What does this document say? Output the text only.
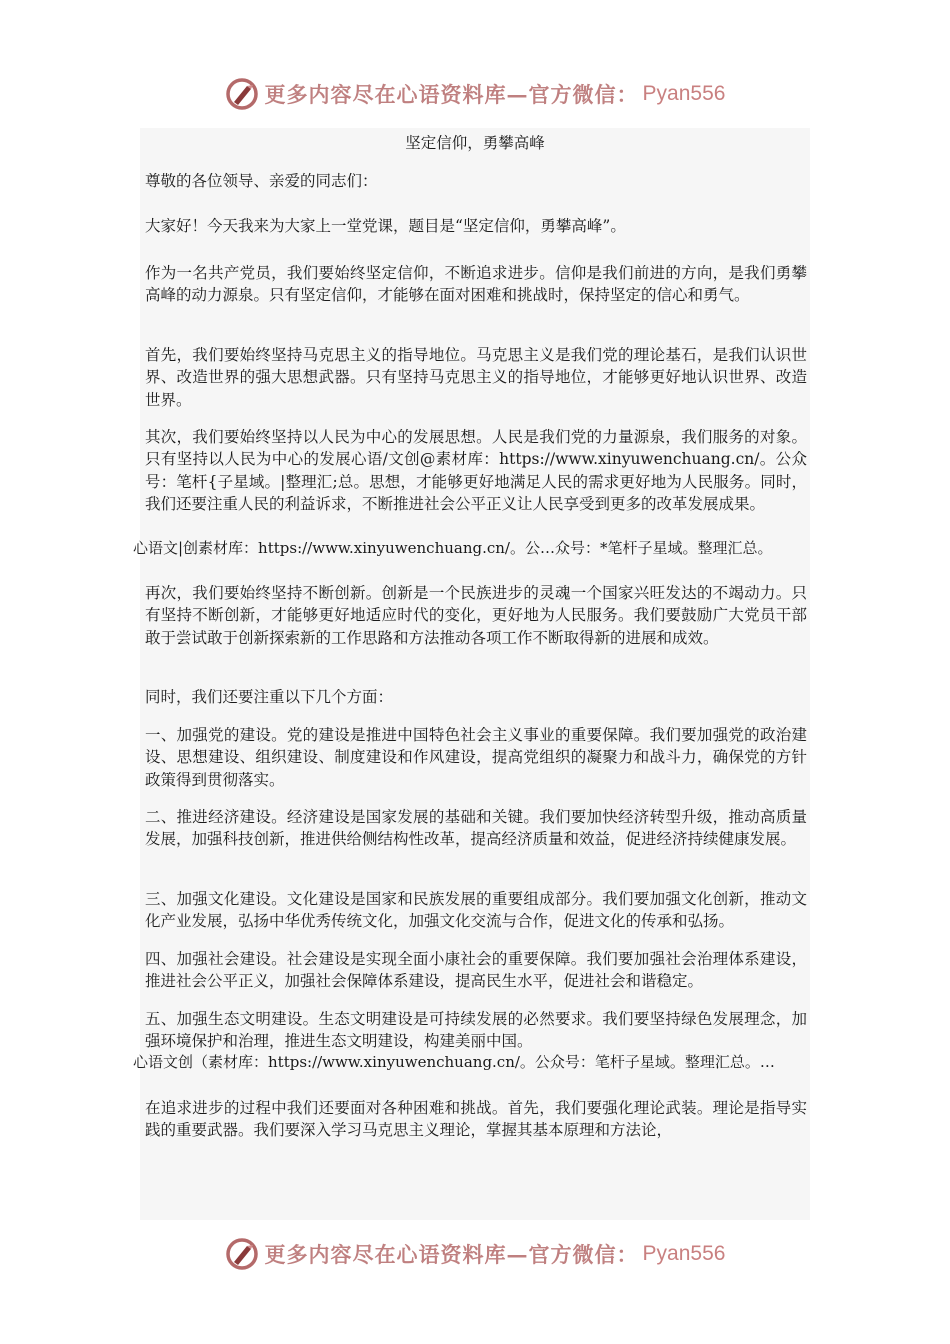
更多内容尽在心语资料库—官方微信： Pyan556
坚定信仰，勇攀高峰
尊敬的各位领导、亲爱的同志们：
大家好！今天我来为大家上一堂党课，题目是“坚定信仰，勇攀高峰”。
作为一名共产党员，我们要始终坚定信仰，不断追求进步。信仰是我们前进的方向，是我们勇攀高峰的动力源泉。只有坚定信仰，才能够在面对困难和挑战时，保持坚定的信心和勇气。
首先，我们要始终坚持马克思主义的指导地位。马克思主义是我们党的理论基石，是我们认识世界、改造世界的强大思想武器。只有坚持马克思主义的指导地位，才能够更好地认识世界、改造世界。
其次，我们要始终坚持以人民为中心的发展思想。人民是我们党的力量源泉，我们服务的对象。只有坚持以人民为中心的发展心语/文创@素材库：https://www.xinyuwenchuang.cn/。公众号：笔杆{子星域。|整理汇;总。思想，才能够更好地满足人民的需求更好地为人民服务。同时，我们还要注重人民的利益诉求，不断推进社会公平正义让人民享受到更多的改革发展成果。
心语文|创素材库：https://www.xinyuwenchuang.cn/。公…众号：*笔杆子星域。整理汇总。
再次，我们要始终坚持不断创新。创新是一个民族进步的灵魂一个国家兴旺发达的不竭动力。只有坚持不断创新，才能够更好地适应时代的变化，更好地为人民服务。我们要鼓励广大党员干部敢于尝试敢于创新探索新的工作思路和方法推动各项工作不断取得新的进展和成效。
同时，我们还要注重以下几个方面：
一、加强党的建设。党的建设是推进中国特色社会主义事业的重要保障。我们要加强党的政治建设、思想建设、组织建设、制度建设和作风建设，提高党组织的凝聚力和战斗力，确保党的方针政策得到贯彻落实。
二、推进经济建设。经济建设是国家发展的基础和关键。我们要加快经济转型升级，推动高质量发展，加强科技创新，推进供给侧结构性改革，提高经济质量和效益，促进经济持续健康发展。
三、加强文化建设。文化建设是国家和民族发展的重要组成部分。我们要加强文化创新，推动文化产业发展，弘扬中华优秀传统文化，加强文化交流与合作，促进文化的传承和弘扬。
四、加强社会建设。社会建设是实现全面小康社会的重要保障。我们要加强社会治理体系建设，推进社会公平正义，加强社会保障体系建设，提高民生水平，促进社会和谐稳定。
五、加强生态文明建设。生态文明建设是可持续发展的必然要求。我们要坚持绿色发展理念，加强环境保护和治理，推进生态文明建设，构建美丽中国。
心语文创（素材库：https://www.xinyuwenchuang.cn/。公众号：笔杆子星域。整理汇总。…
在追求进步的过程中我们还要面对各种困难和挑战。首先，我们要强化理论武装。理论是指导实践的重要武器。我们要深入学习马克思主义理论，掌握其基本原理和方法论，
更多内容尽在心语资料库—官方微信： Pyan556
